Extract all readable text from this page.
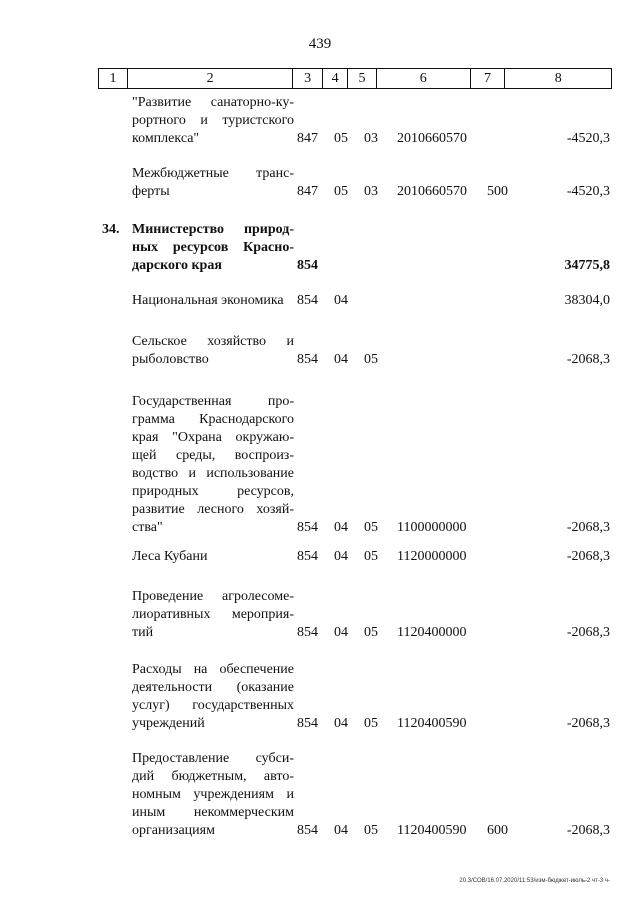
439
1	2	3	4	5	6	7	8
"Развитие санаторно-ку-
рортного и туристского
комплекса"	847 05 03 2010660570	-4520,3
Межбюджетные транс-
ферты	847 05 03 2010660570 500	-4520,3
34. Министерство природ-
ных ресурсов Красно-
дарского края	854	34775,8
Национальная экономика 854 04	38304,0
Сельское хозяйство и
рыболовство	854 04 05	-2068,3
Государственная про-
грамма Краснодарского
края "Охрана окружаю-
щей среды, воспроиз-
водство и использование
природных ресурсов,
развитие лесного хозяй-
ства"	854 04 05 1100000000	-2068,3
Леса Кубани	854 04 05 1120000000	-2068,3
Проведение агролесоме-
лиоративных мероприя-
тий	854 04 05 1120400000	-2068,3
Расходы на обеспечение
деятельности (оказание
услуг) государственных
учреждений	854 04 05 1120400590	-2068,3
Предоставление субси-
дий бюджетным, авто-
номным учреждениям и
иным некоммерческим
организациям	854 04 05 1120400590 600	-2068,3
20.3/СОВ/16.07.2020/11:53/изм-бюджет-июль-2 чт-3 ч-
